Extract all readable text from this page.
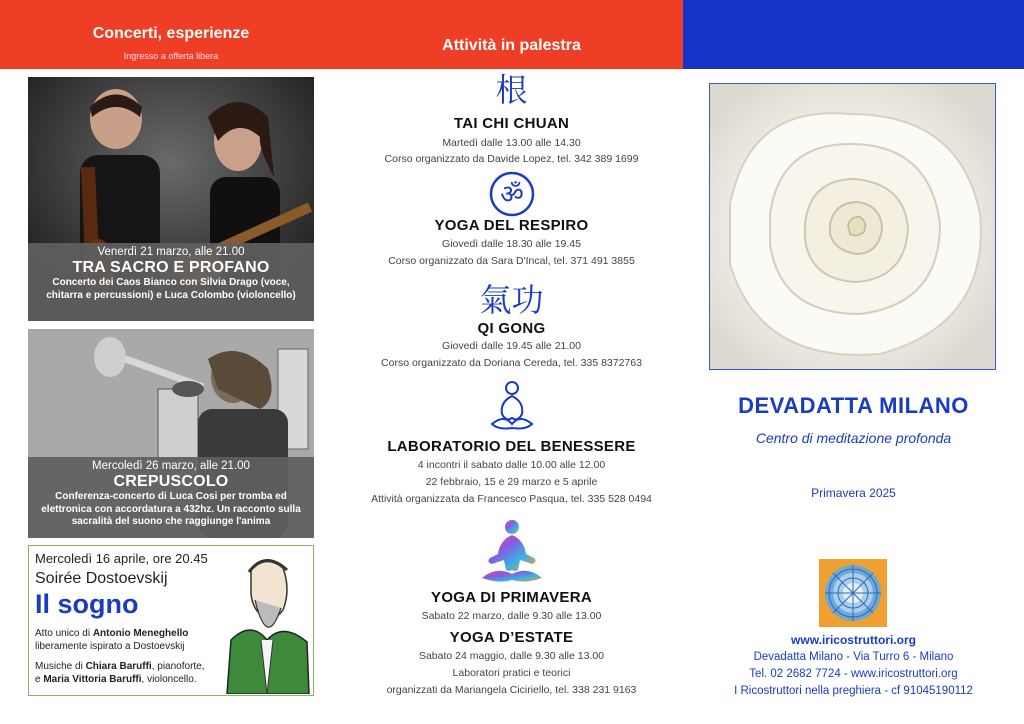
Concerti, esperienze
Ingresso a offerta libera
Attività in palestra
Venerdì 21 marzo, alle 21.00
TRA SACRO E PROFANO
Concerto dei Caos Bianco con Silvia Drago (voce, chitarra e percussioni) e Luca Colombo (violoncello)
Mercoledì 26 marzo, alle 21.00
CREPUSCOLO
Conferenza-concerto di Luca Cosi per tromba ed elettronica con accordatura a 432hz. Un racconto sulla sacralità del suono che raggiunge l'anima
Mercoledì 16 aprile, ore 20.45
Soirée Dostoevskij
Il sogno
Atto unico di Antonio Meneghello
liberamente ispirato a Dostoevskij
Musiche di Chiara Baruffi, pianoforte,
e Maria Vittoria Baruffi, violoncello.
根
TAI CHI CHUAN
Martedì dalle 13.00 alle 14.30
Corso organizzato da Davide Lopez, tel. 342 389 1699
ॐ
YOGA DEL RESPIRO
Giovedì dalle 18.30 alle 19.45
Corso organizzato da Sara D'Incal, tel. 371 491 3855
氣功
QI GONG
Giovedì dalle 19.45 alle 21.00
Corso organizzato da Doriana Cereda, tel. 335 8372763
LABORATORIO DEL BENESSERE
4 incontri il sabato dalle 10.00 alle 12.00
22 febbraio, 15 e 29 marzo e 5 aprile
Attività organizzata da Francesco Pasqua, tel. 335 528 0494
YOGA DI PRIMAVERA
Sabato 22 marzo, dalle 9.30 alle 13.00
YOGA D’ESTATE
Sabato 24 maggio, dalle 9.30 alle 13.00
Laboratori pratici e teorici
organizzati da Mariangela Ciciriello, tel. 338 231 9163
DEVADATTA MILANO
Centro di meditazione profonda
Primavera 2025
www.iricostruttori.org
Devadatta Milano - Via Turro 6 - Milano
Tel. 02 2682 7724 - www.iricostruttori.org
I Ricostruttori nella preghiera - cf 91045190112
